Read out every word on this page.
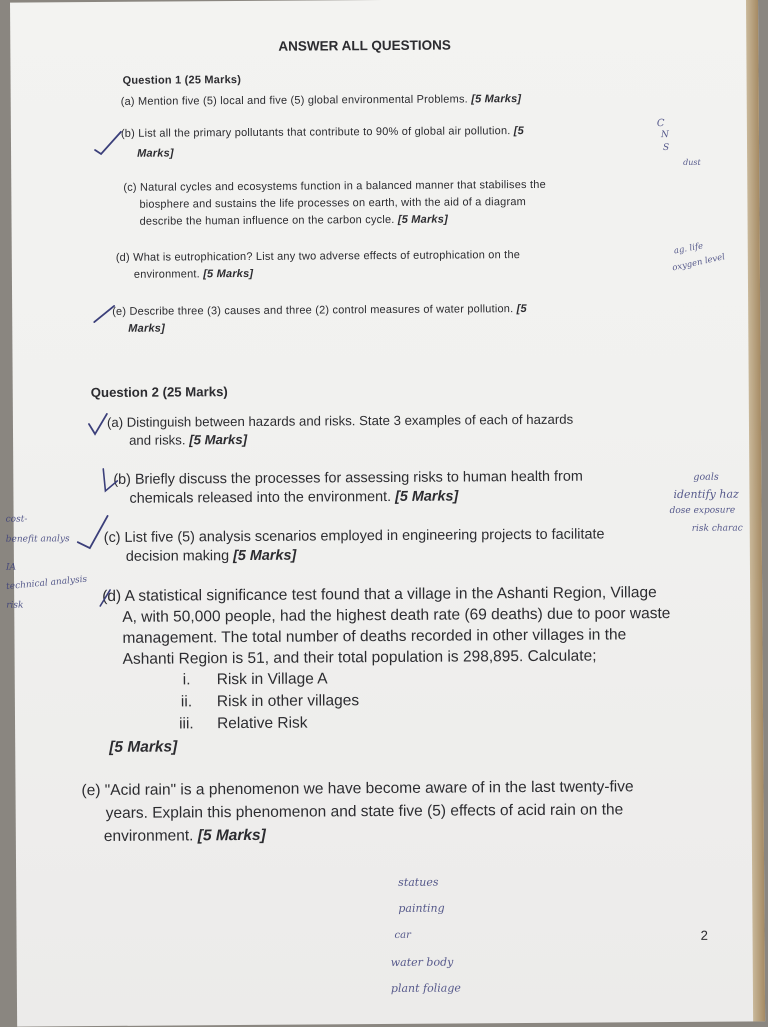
ANSWER ALL QUESTIONS
Question 1 (25 Marks)
(a) Mention five (5) local and five (5) global environmental Problems. [5 Marks]
(b) List all the primary pollutants that contribute to 90% of global air pollution. [5
Marks]
(c) Natural cycles and ecosystems function in a balanced manner that stabilises the
biosphere and sustains the life processes on earth, with the aid of a diagram
describe the human influence on the carbon cycle. [5 Marks]
(d) What is eutrophication? List any two adverse effects of eutrophication on the
environment. [5 Marks]
(e) Describe three (3) causes and three (2) control measures of water pollution. [5
Marks]
Question 2 (25 Marks)
(a) Distinguish between hazards and risks. State 3 examples of each of hazards
and risks. [5 Marks]
(b) Briefly discuss the processes for assessing risks to human health from
chemicals released into the environment. [5 Marks]
(c) List five (5) analysis scenarios employed in engineering projects to facilitate
decision making [5 Marks]
(d) A statistical significance test found that a village in the Ashanti Region, Village
A, with 50,000 people, had the highest death rate (69 deaths) due to poor waste
management. The total number of deaths recorded in other villages in the
Ashanti Region is 51, and their total population is 298,895. Calculate;
i. Risk in Village A
ii. Risk in other villages
iii. Relative Risk
[5 Marks]
(e) "Acid rain" is a phenomenon we have become aware of in the last twenty-five
years. Explain this phenomenon and state five (5) effects of acid rain on the
environment. [5 Marks]
2
C
N
S
dust
ag. life
oxygen level
goals
identify haz
dose exposure
risk charac
cost-
benefit analys
IA
technical analysis
risk
statues
painting
car
water body
plant foliage
